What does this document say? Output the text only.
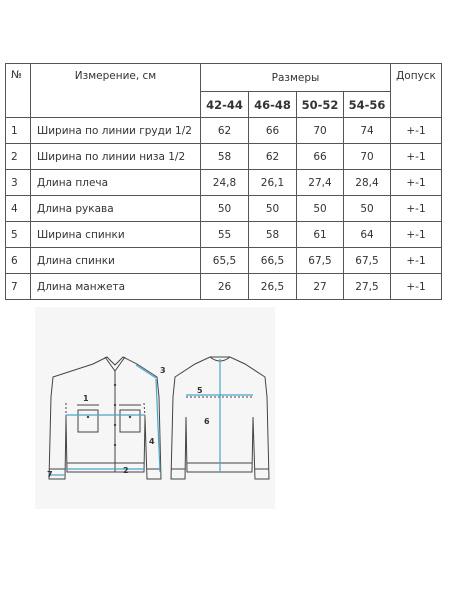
№	Измерение, см	Размеры				Допуск
		42-44	46-48	50-52	54-56	
1	Ширина по линии груди 1/2	62	66	70	74	+-1
2	Ширина по линии низа 1/2	58	62	66	70	+-1
3	Длина плеча	24,8	26,1	27,4	28,4	+-1
4	Длина рукава	50	50	50	50	+-1
5	Ширина спинки	55	58	61	64	+-1
6	Длина спинки	65,5	66,5	67,5	67,5	+-1
7	Длина манжета	26	26,5	27	27,5	+-1
1
2
3
4
5
6
7
